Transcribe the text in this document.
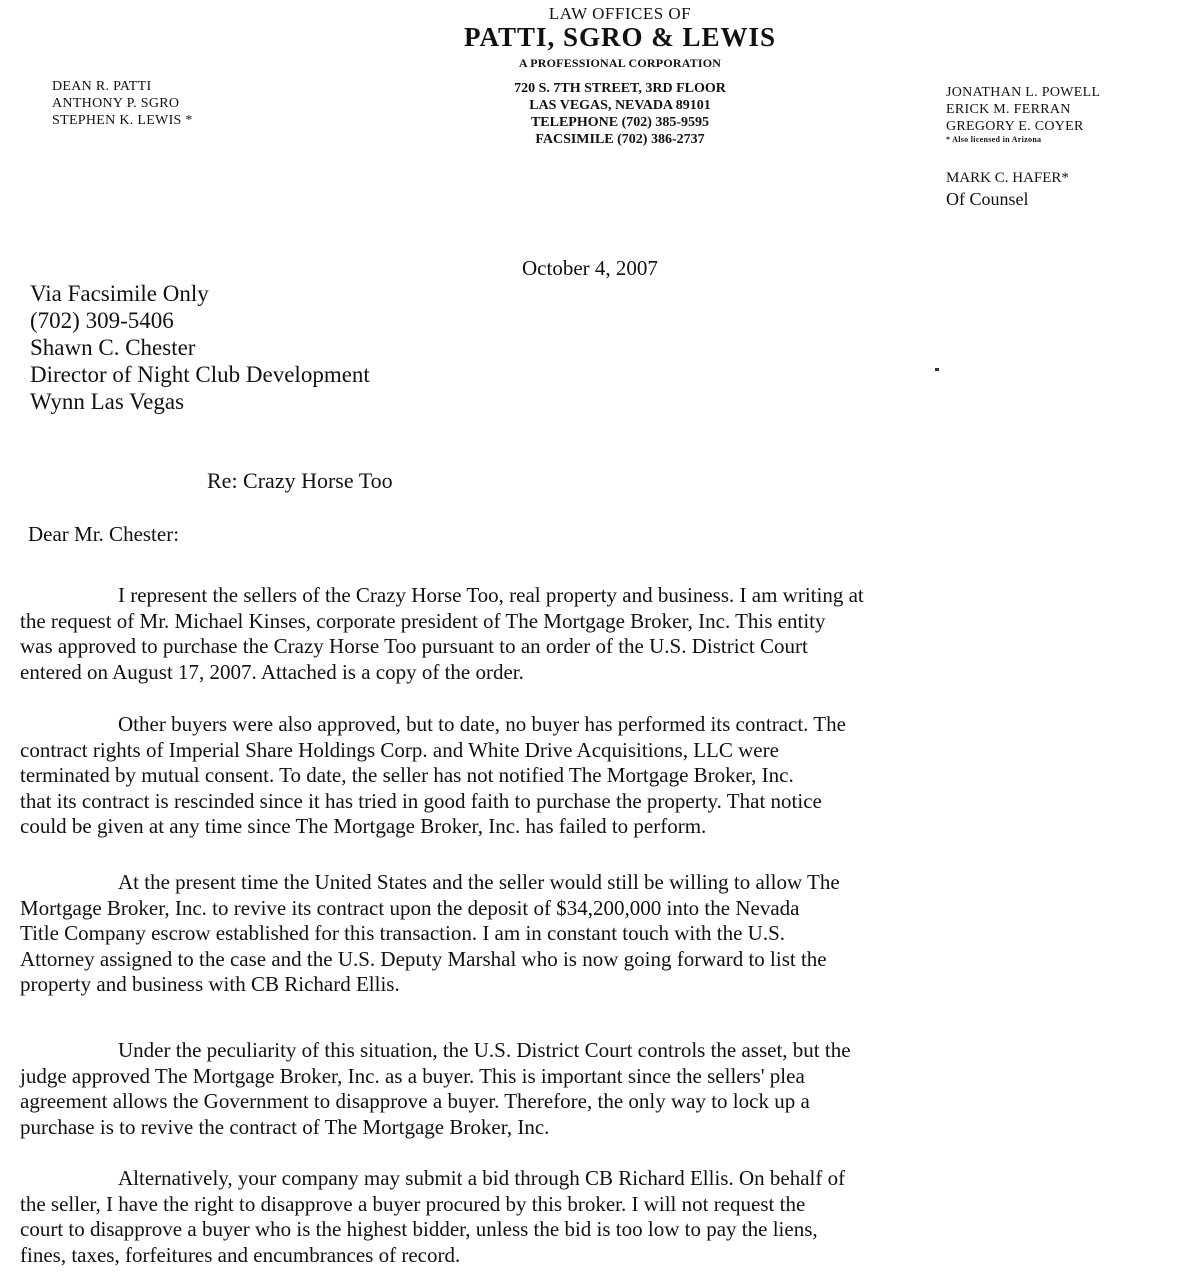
LAW OFFICES OF
PATTI, SGRO & LEWIS
A PROFESSIONAL CORPORATION
720 S. 7TH STREET, 3RD FLOOR
LAS VEGAS, NEVADA 89101
TELEPHONE (702) 385-9595
FACSIMILE (702) 386-2737
DEAN R. PATTI
ANTHONY P. SGRO
STEPHEN K. LEWIS *
JONATHAN L. POWELL
ERICK M. FERRAN
GREGORY E. COYER
* Also licensed in Arizona
MARK C. HAFER*
Of Counsel
October 4, 2007
Via Facsimile Only
(702) 309-5406
Shawn C. Chester
Director of Night Club Development
Wynn Las Vegas
Re: Crazy Horse Too
Dear Mr. Chester:
I represent the sellers of the Crazy Horse Too, real property and business. I am writing at
the request of Mr. Michael Kinses, corporate president of The Mortgage Broker, Inc. This entity
was approved to purchase the Crazy Horse Too pursuant to an order of the U.S. District Court
entered on August 17, 2007. Attached is a copy of the order.
Other buyers were also approved, but to date, no buyer has performed its contract. The
contract rights of Imperial Share Holdings Corp. and White Drive Acquisitions, LLC were
terminated by mutual consent. To date, the seller has not notified The Mortgage Broker, Inc.
that its contract is rescinded since it has tried in good faith to purchase the property. That notice
could be given at any time since The Mortgage Broker, Inc. has failed to perform.
At the present time the United States and the seller would still be willing to allow The
Mortgage Broker, Inc. to revive its contract upon the deposit of $34,200,000 into the Nevada
Title Company escrow established for this transaction. I am in constant touch with the U.S.
Attorney assigned to the case and the U.S. Deputy Marshal who is now going forward to list the
property and business with CB Richard Ellis.
Under the peculiarity of this situation, the U.S. District Court controls the asset, but the
judge approved The Mortgage Broker, Inc. as a buyer. This is important since the sellers' plea
agreement allows the Government to disapprove a buyer. Therefore, the only way to lock up a
purchase is to revive the contract of The Mortgage Broker, Inc.
Alternatively, your company may submit a bid through CB Richard Ellis. On behalf of
the seller, I have the right to disapprove a buyer procured by this broker. I will not request the
court to disapprove a buyer who is the highest bidder, unless the bid is too low to pay the liens,
fines, taxes, forfeitures and encumbrances of record.
